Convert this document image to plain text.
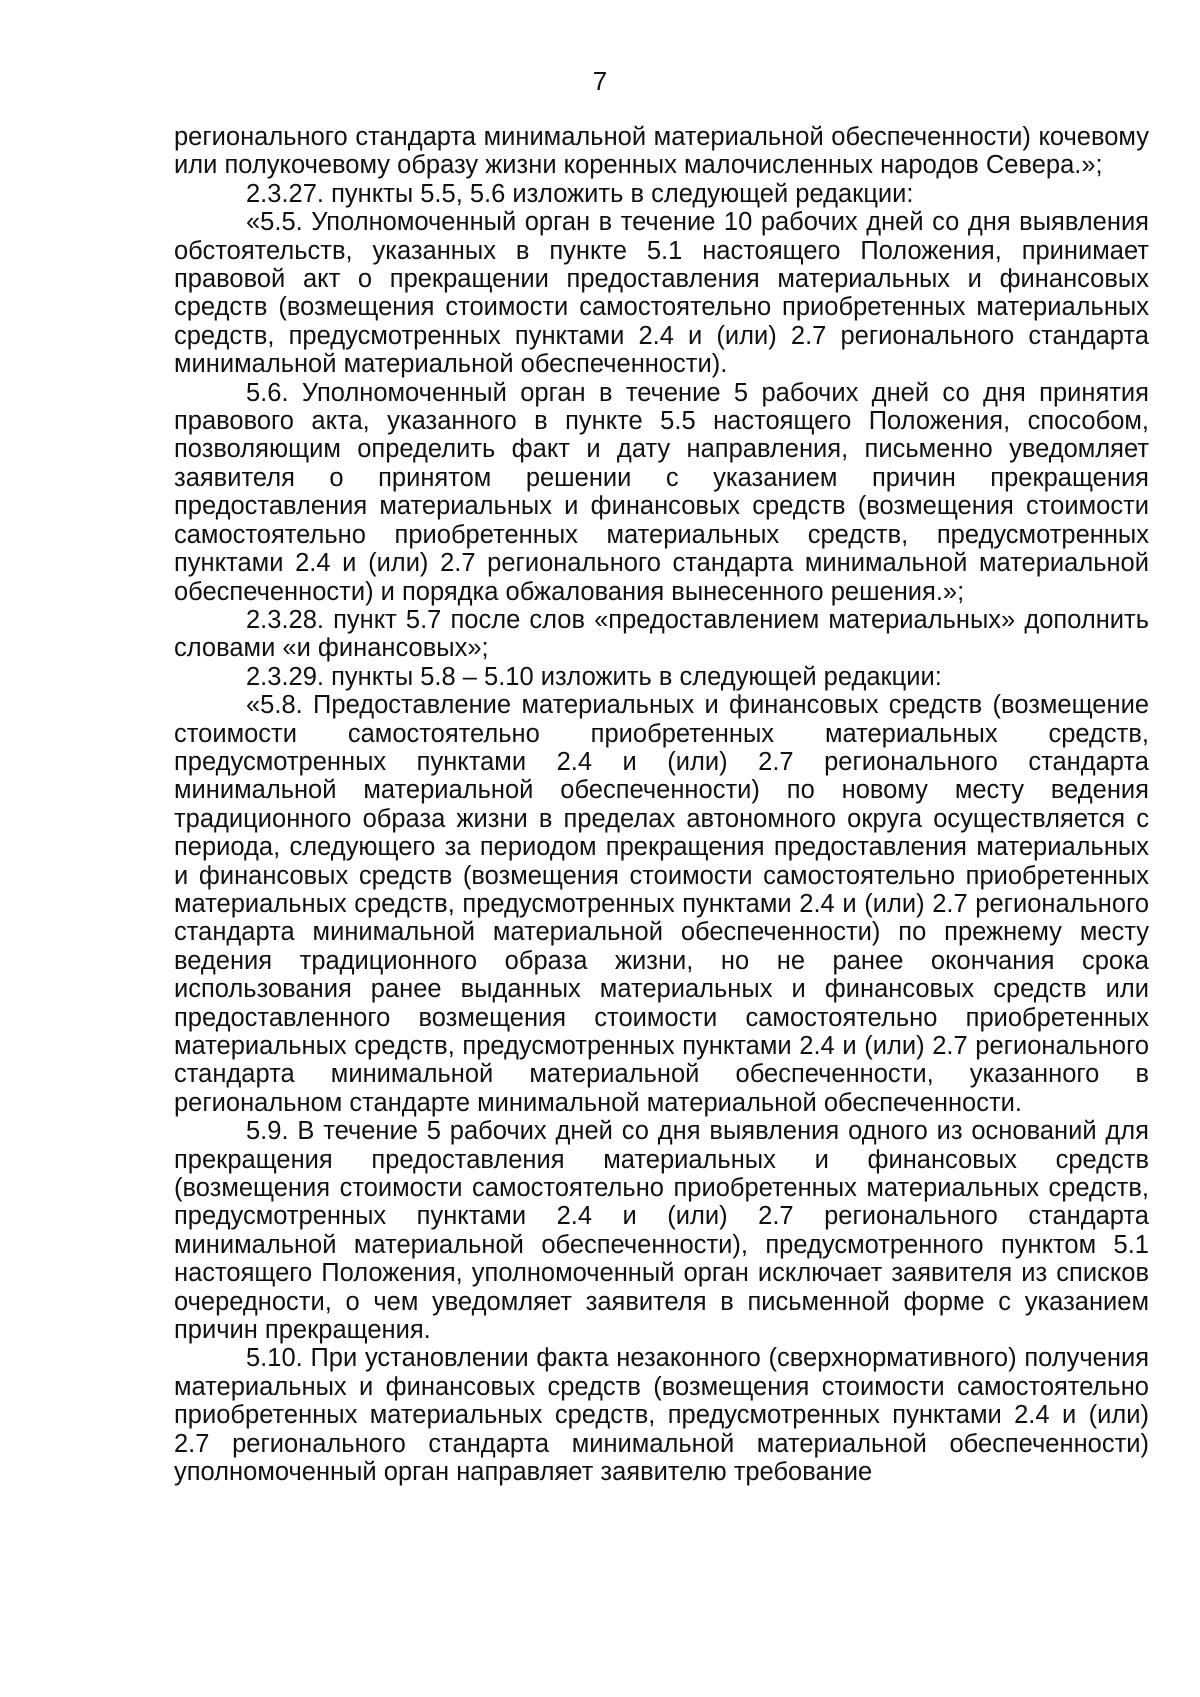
7

регионального стандарта минимальной материальной обеспеченности) кочевому или полукочевому образу жизни коренных малочисленных народов Севера.»;

2.3.27. пункты 5.5, 5.6 изложить в следующей редакции:

«5.5. Уполномоченный орган в течение 10 рабочих дней со дня выявления обстоятельств, указанных в пункте 5.1 настоящего Положения, принимает правовой акт о прекращении предоставления материальных и финансовых средств (возмещения стоимости самостоятельно приобретенных материальных средств, предусмотренных пунктами 2.4 и (или) 2.7 регионального стандарта минимальной материальной обеспеченности).

5.6. Уполномоченный орган в течение 5 рабочих дней со дня принятия правового акта, указанного в пункте 5.5 настоящего Положения, способом, позволяющим определить факт и дату направления, письменно уведомляет заявителя о принятом решении с указанием причин прекращения предоставления материальных и финансовых средств (возмещения стоимости самостоятельно приобретенных материальных средств, предусмотренных пунктами 2.4 и (или) 2.7 регионального стандарта минимальной материальной обеспеченности) и порядка обжалования вынесенного решения.»;

2.3.28. пункт 5.7 после слов «предоставлением материальных» дополнить словами «и финансовых»;

2.3.29. пункты 5.8 – 5.10 изложить в следующей редакции:

«5.8. Предоставление материальных и финансовых средств (возмещение стоимости самостоятельно приобретенных материальных средств, предусмотренных пунктами 2.4 и (или) 2.7 регионального стандарта минимальной материальной обеспеченности) по новому месту ведения традиционного образа жизни в пределах автономного округа осуществляется с периода, следующего за периодом прекращения предоставления материальных и финансовых средств (возмещения стоимости самостоятельно приобретенных материальных средств, предусмотренных пунктами 2.4 и (или) 2.7 регионального стандарта минимальной материальной обеспеченности) по прежнему месту ведения традиционного образа жизни, но не ранее окончания срока использования ранее выданных материальных и финансовых средств или предоставленного возмещения стоимости самостоятельно приобретенных материальных средств, предусмотренных пунктами 2.4 и (или) 2.7 регионального стандарта минимальной материальной обеспеченности, указанного в региональном стандарте минимальной материальной обеспеченности.

5.9. В течение 5 рабочих дней со дня выявления одного из оснований для прекращения предоставления материальных и финансовых средств (возмещения стоимости самостоятельно приобретенных материальных средств, предусмотренных пунктами 2.4 и (или) 2.7 регионального стандарта минимальной материальной обеспеченности), предусмотренного пунктом 5.1 настоящего Положения, уполномоченный орган исключает заявителя из списков очередности, о чем уведомляет заявителя в письменной форме с указанием причин прекращения.

5.10. При установлении факта незаконного (сверхнормативного) получения материальных и финансовых средств (возмещения стоимости самостоятельно приобретенных материальных средств, предусмотренных пунктами 2.4 и (или) 2.7 регионального стандарта минимальной материальной обеспеченности) уполномоченный орган направляет заявителю требование
